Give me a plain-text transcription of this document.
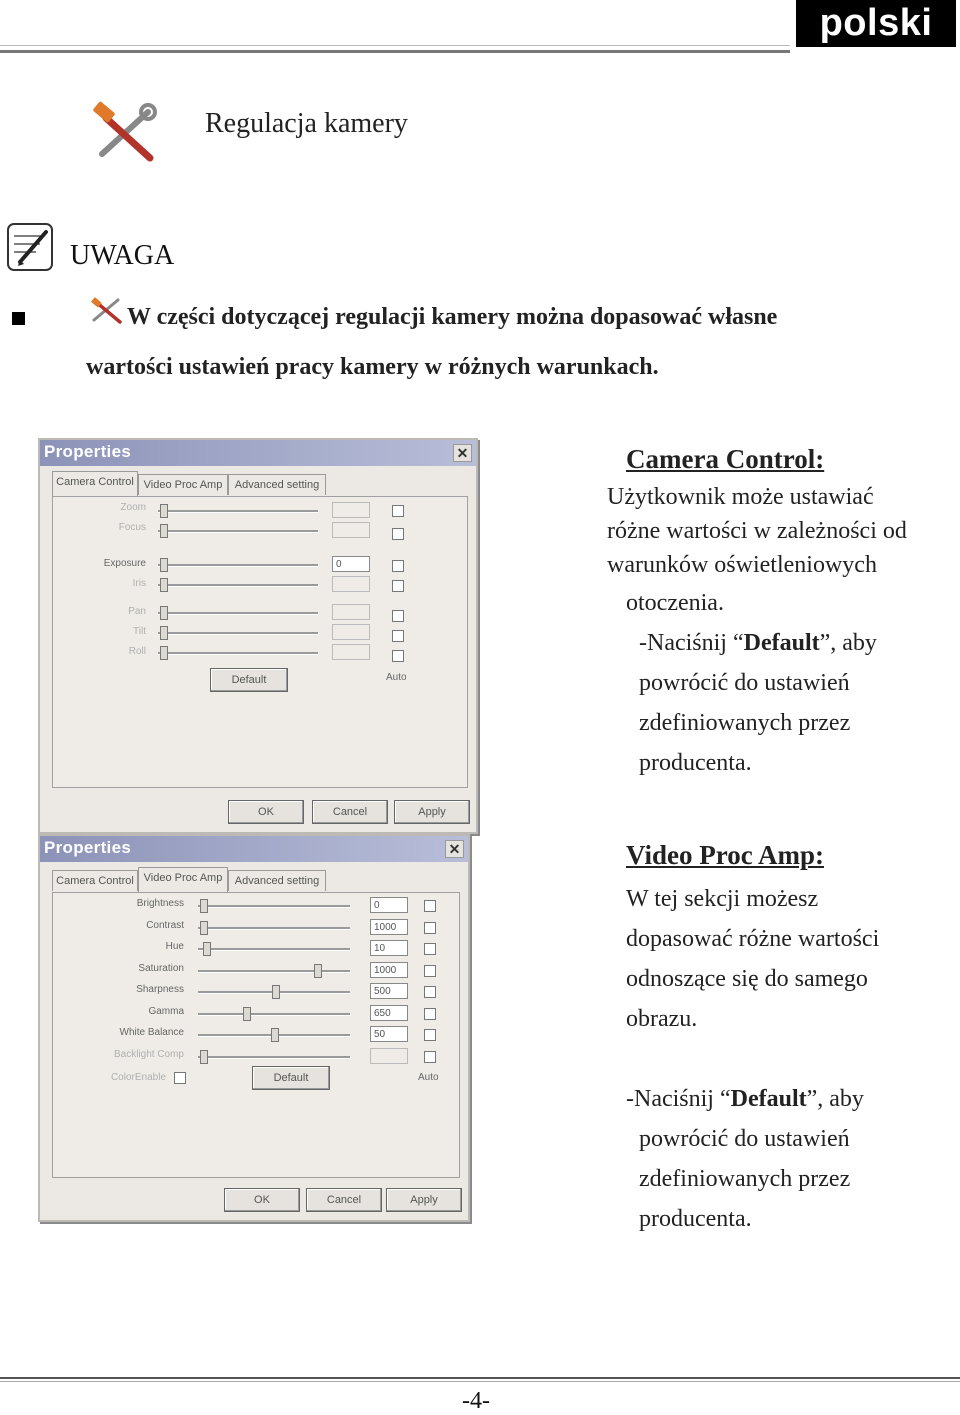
polski
Regulacja kamery
UWAGA
W części dotyczącej regulacji kamery można dopasować własne
wartości ustawień pracy kamery w różnych warunkach.
Properties	✕
Camera Control Video Proc Amp	Advanced setting
Zoom
Focus
Exposure	0
Iris
Pan
Tilt
Roll
Default	Auto
OK	Cancel	Apply
Camera Control:
Użytkownik może ustawiać
różne wartości w zależności od
warunków oświetleniowych
otoczenia.
-Naciśnij “Default”, aby
powrócić do ustawień
zdefiniowanych przez
producenta.
Properties	✕
Camera Control Video Proc Amp	Advanced setting
Brightness	0
Contrast	1000
Hue	10
Saturation	1000
Sharpness	500
Gamma	650
White Balance	50
Backlight Comp
ColorEnable	Default	Auto
OK	Cancel	Apply
Video Proc Amp:
W tej sekcji możesz
dopasować różne wartości
odnoszące się do samego
obrazu.
-Naciśnij “Default”, aby
powrócić do ustawień
zdefiniowanych przez
producenta.
-4-
